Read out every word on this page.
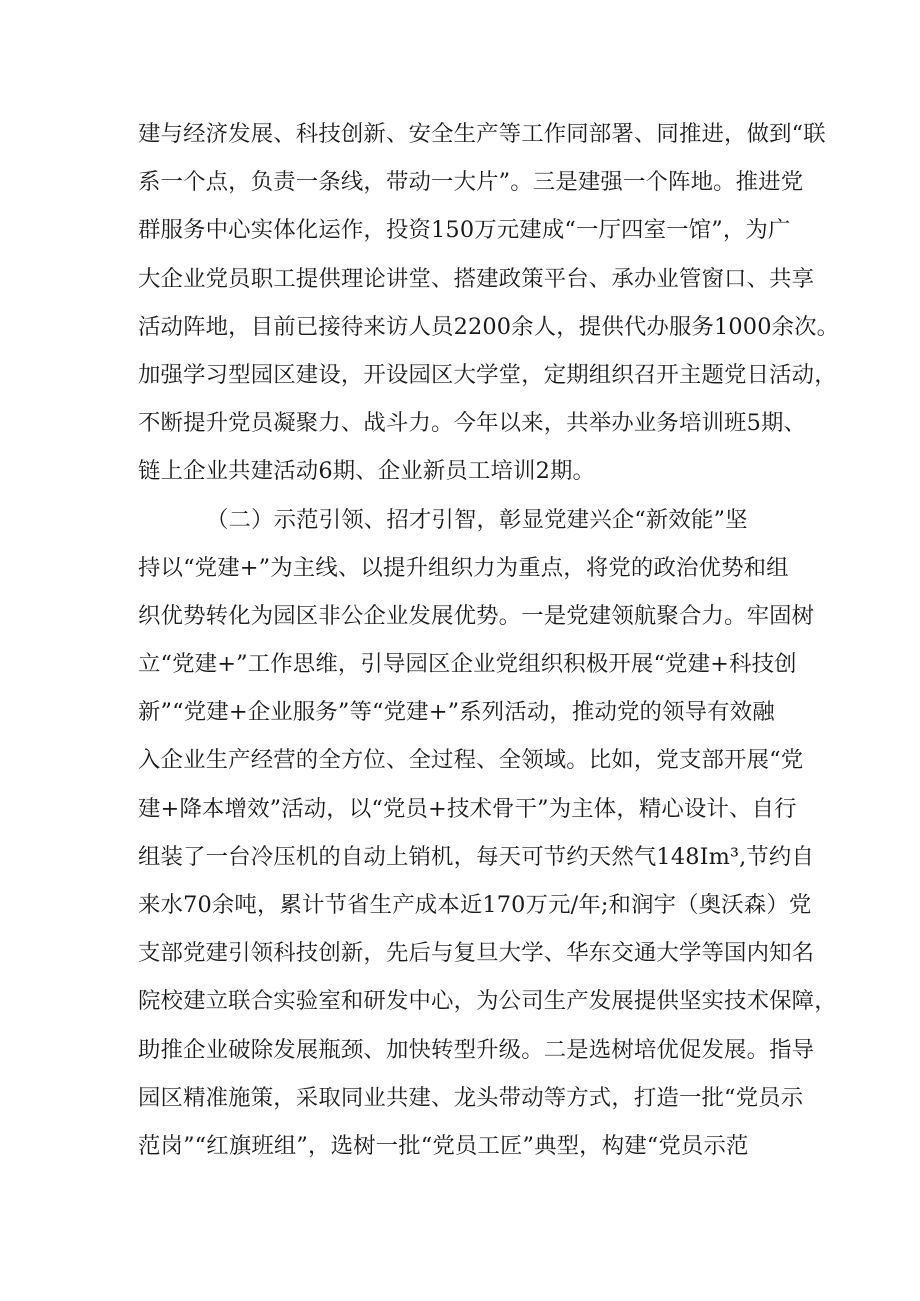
建与经济发展、科技创新、安全生产等工作同部署、同推进，做到“联
系一个点，负责一条线，带动一大片”。三是建强一个阵地。推进党
群服务中心实体化运作，投资150万元建成“一厅四室一馆”，为广
大企业党员职工提供理论讲堂、搭建政策平台、承办业管窗口、共享
活动阵地，目前已接待来访人员2200余人，提供代办服务1000余次。
加强学习型园区建设，开设园区大学堂，定期组织召开主题党日活动，
不断提升党员凝聚力、战斗力。今年以来，共举办业务培训班5期、
链上企业共建活动6期、企业新员工培训2期。
（二）示范引领、招才引智，彰显党建兴企“新效能”坚
持以“党建+”为主线、以提升组织力为重点，将党的政治优势和组
织优势转化为园区非公企业发展优势。一是党建领航聚合力。牢固树
立“党建+”工作思维，引导园区企业党组织积极开展“党建+科技创
新”“党建+企业服务”等“党建+”系列活动，推动党的领导有效融
入企业生产经营的全方位、全过程、全领域。比如，党支部开展“党
建+降本增效”活动，以“党员+技术骨干”为主体，精心设计、自行
组装了一台冷压机的自动上销机，每天可节约天然气148Im³,节约自
来水70余吨，累计节省生产成本近170万元/年;和润宇（奥沃森）党
支部党建引领科技创新，先后与复旦大学、华东交通大学等国内知名
院校建立联合实验室和研发中心，为公司生产发展提供坚实技术保障，
助推企业破除发展瓶颈、加快转型升级。二是选树培优促发展。指导
园区精准施策，采取同业共建、龙头带动等方式，打造一批“党员示
范岗”“红旗班组”，选树一批“党员工匠”典型，构建“党员示范
